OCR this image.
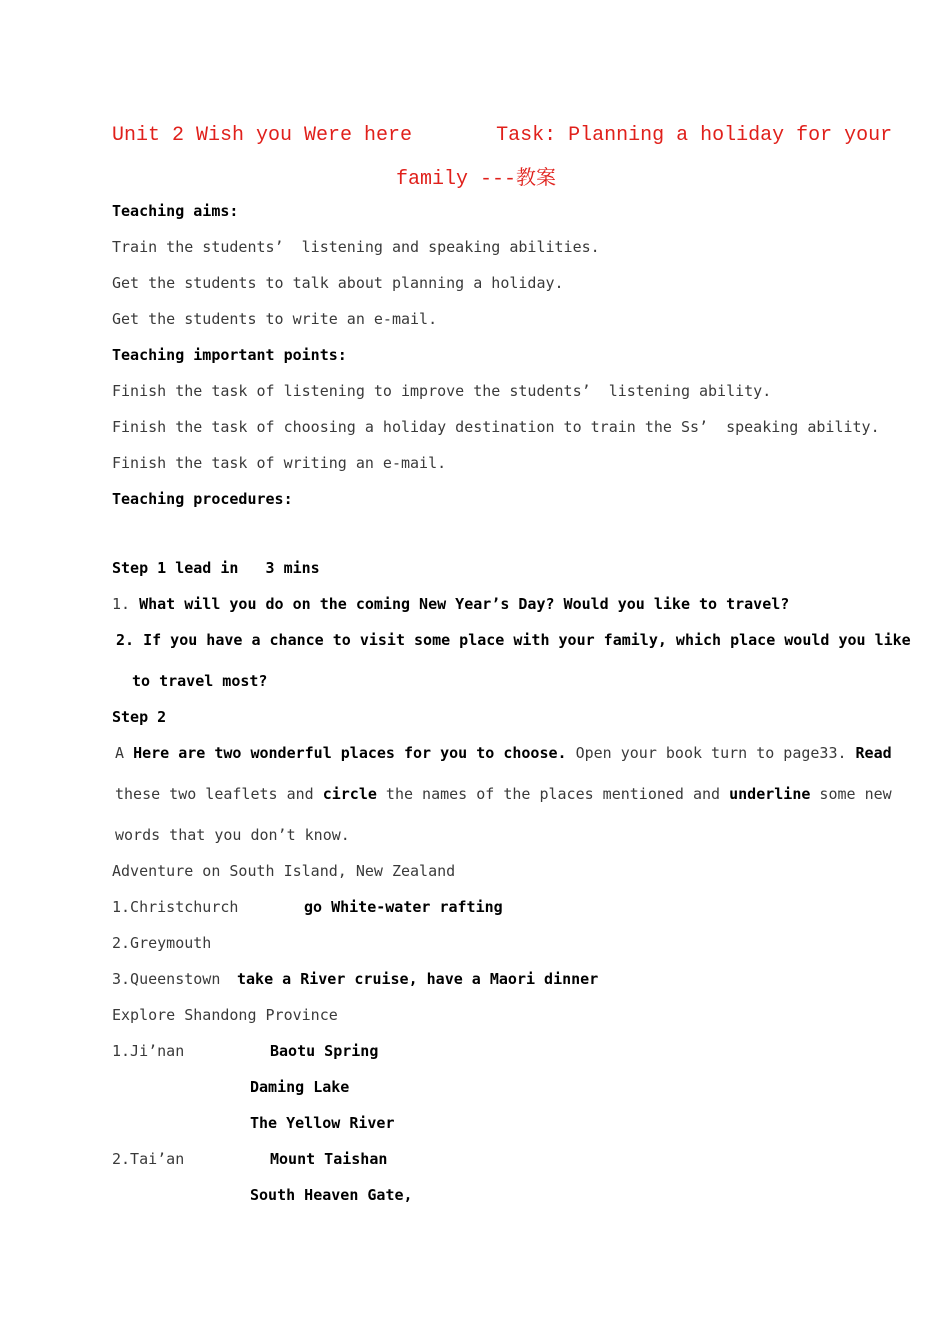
Unit 2 Wish you Were here       Task: Planning a holiday for your
family ---教案
Teaching aims:
Train the students’  listening and speaking abilities.
Get the students to talk about planning a holiday.
Get the students to write an e-mail.
Teaching important points:
Finish the task of listening to improve the students’  listening ability.
Finish the task of choosing a holiday destination to train the Ss’  speaking ability.
Finish the task of writing an e-mail.
Teaching procedures:
Step 1 lead in   3 mins
1. What will you do on the coming New Year’s Day? Would you like to travel?
2. If you have a chance to visit some place with your family, which place would you like
to travel most?
Step 2
A Here are two wonderful places for you to choose. Open your book turn to page33. Read
these two leaflets and circle the names of the places mentioned and underline some new
words that you don’t know.
Adventure on South Island, New Zealand
1.Christchurch	go White-water rafting
2.Greymouth
3.Queenstown take a River cruise, have a Maori dinner
Explore Shandong Province
1.Ji’nan	Baotu Spring
Daming Lake
The Yellow River
2.Tai’an	Mount Taishan
South Heaven Gate,
